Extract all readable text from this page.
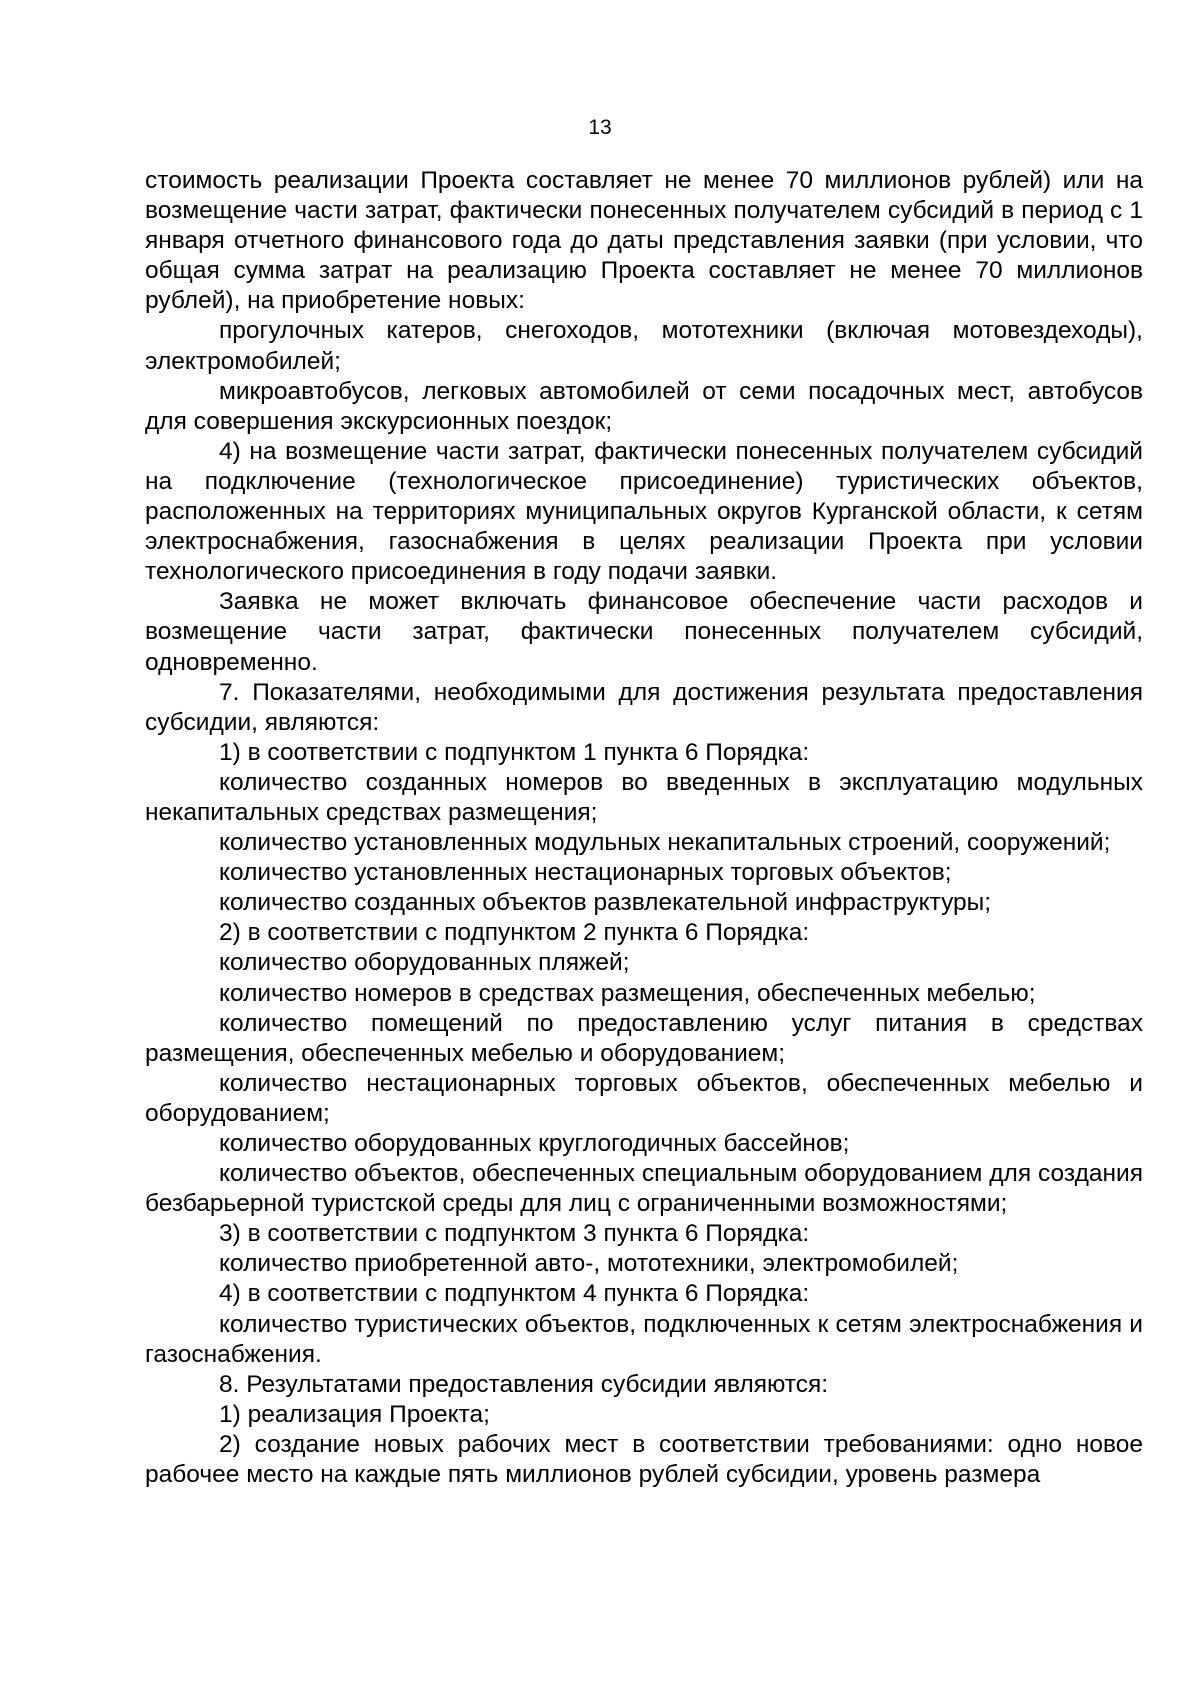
13

стоимость реализации Проекта составляет не менее 70 миллионов рублей) или на возмещение части затрат, фактически понесенных получателем субсидий в период с 1 января отчетного финансового года до даты представления заявки (при условии, что общая сумма затрат на реализацию Проекта составляет не менее 70 миллионов рублей), на приобретение новых:

прогулочных катеров, снегоходов, мототехники (включая мотовездеходы), электромобилей;

микроавтобусов, легковых автомобилей от семи посадочных мест, автобусов для совершения экскурсионных поездок;

4) на возмещение части затрат, фактически понесенных получателем субсидий на подключение (технологическое присоединение) туристических объектов, расположенных на территориях муниципальных округов Курганской области, к сетям электроснабжения, газоснабжения в целях реализации Проекта при условии технологического присоединения в году подачи заявки.

Заявка не может включать финансовое обеспечение части расходов и возмещение части затрат, фактически понесенных получателем субсидий, одновременно.

7. Показателями, необходимыми для достижения результата предоставления субсидии, являются:

1) в соответствии с подпунктом 1 пункта 6 Порядка:

количество созданных номеров во введенных в эксплуатацию модульных некапитальных средствах размещения;

количество установленных модульных некапитальных строений, сооружений;

количество установленных нестационарных торговых объектов;

количество созданных объектов развлекательной инфраструктуры;

2) в соответствии с подпунктом 2 пункта 6 Порядка:

количество оборудованных пляжей;

количество номеров в средствах размещения, обеспеченных мебелью;

количество помещений по предоставлению услуг питания в средствах размещения, обеспеченных мебелью и оборудованием;

количество нестационарных торговых объектов, обеспеченных мебелью и оборудованием;

количество оборудованных круглогодичных бассейнов;

количество объектов, обеспеченных специальным оборудованием для создания безбарьерной туристской среды для лиц с ограниченными возможностями;

3) в соответствии с подпунктом 3 пункта 6 Порядка:

количество приобретенной авто-, мототехники, электромобилей;

4) в соответствии с подпунктом 4 пункта 6 Порядка:

количество туристических объектов, подключенных к сетям электроснабжения и газоснабжения.

8. Результатами предоставления субсидии являются:

1) реализация Проекта;

2) создание новых рабочих мест в соответствии требованиями: одно новое рабочее место на каждые пять миллионов рублей субсидии, уровень размера
